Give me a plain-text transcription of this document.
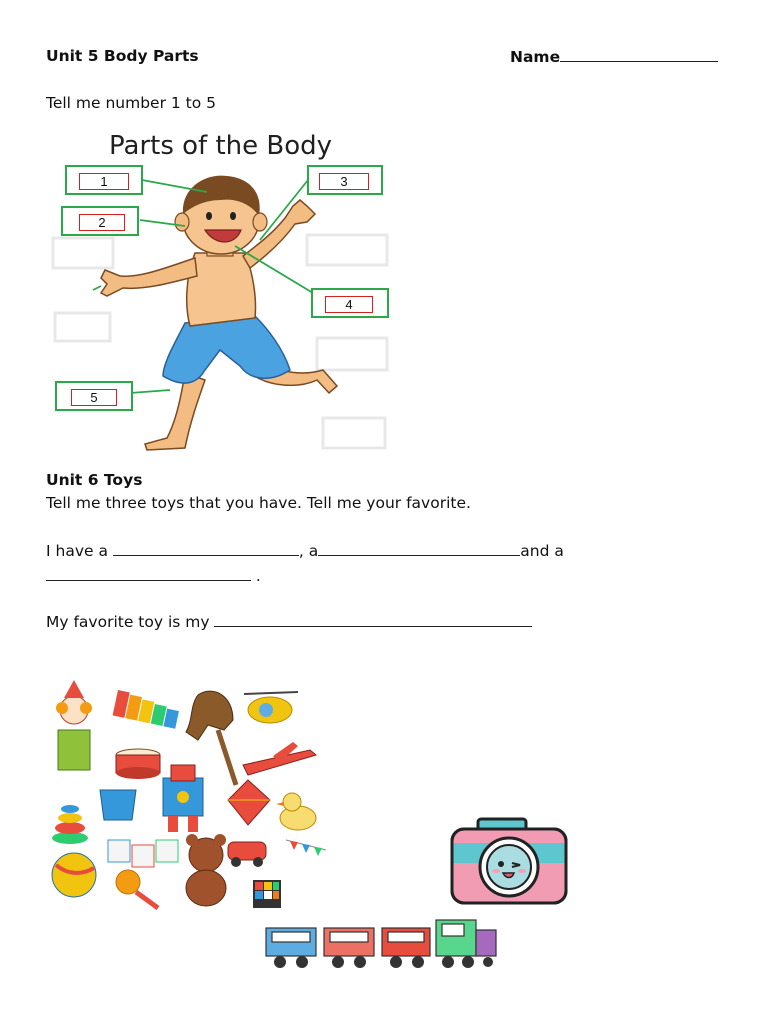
Unit 5 Body Parts	Name
Tell me number 1 to 5
Parts of the Body
1
2
3
4
5
Unit 6 Toys
Tell me three toys that you have. Tell me your favorite.
I have a	, a	and a
.
My favorite toy is my
